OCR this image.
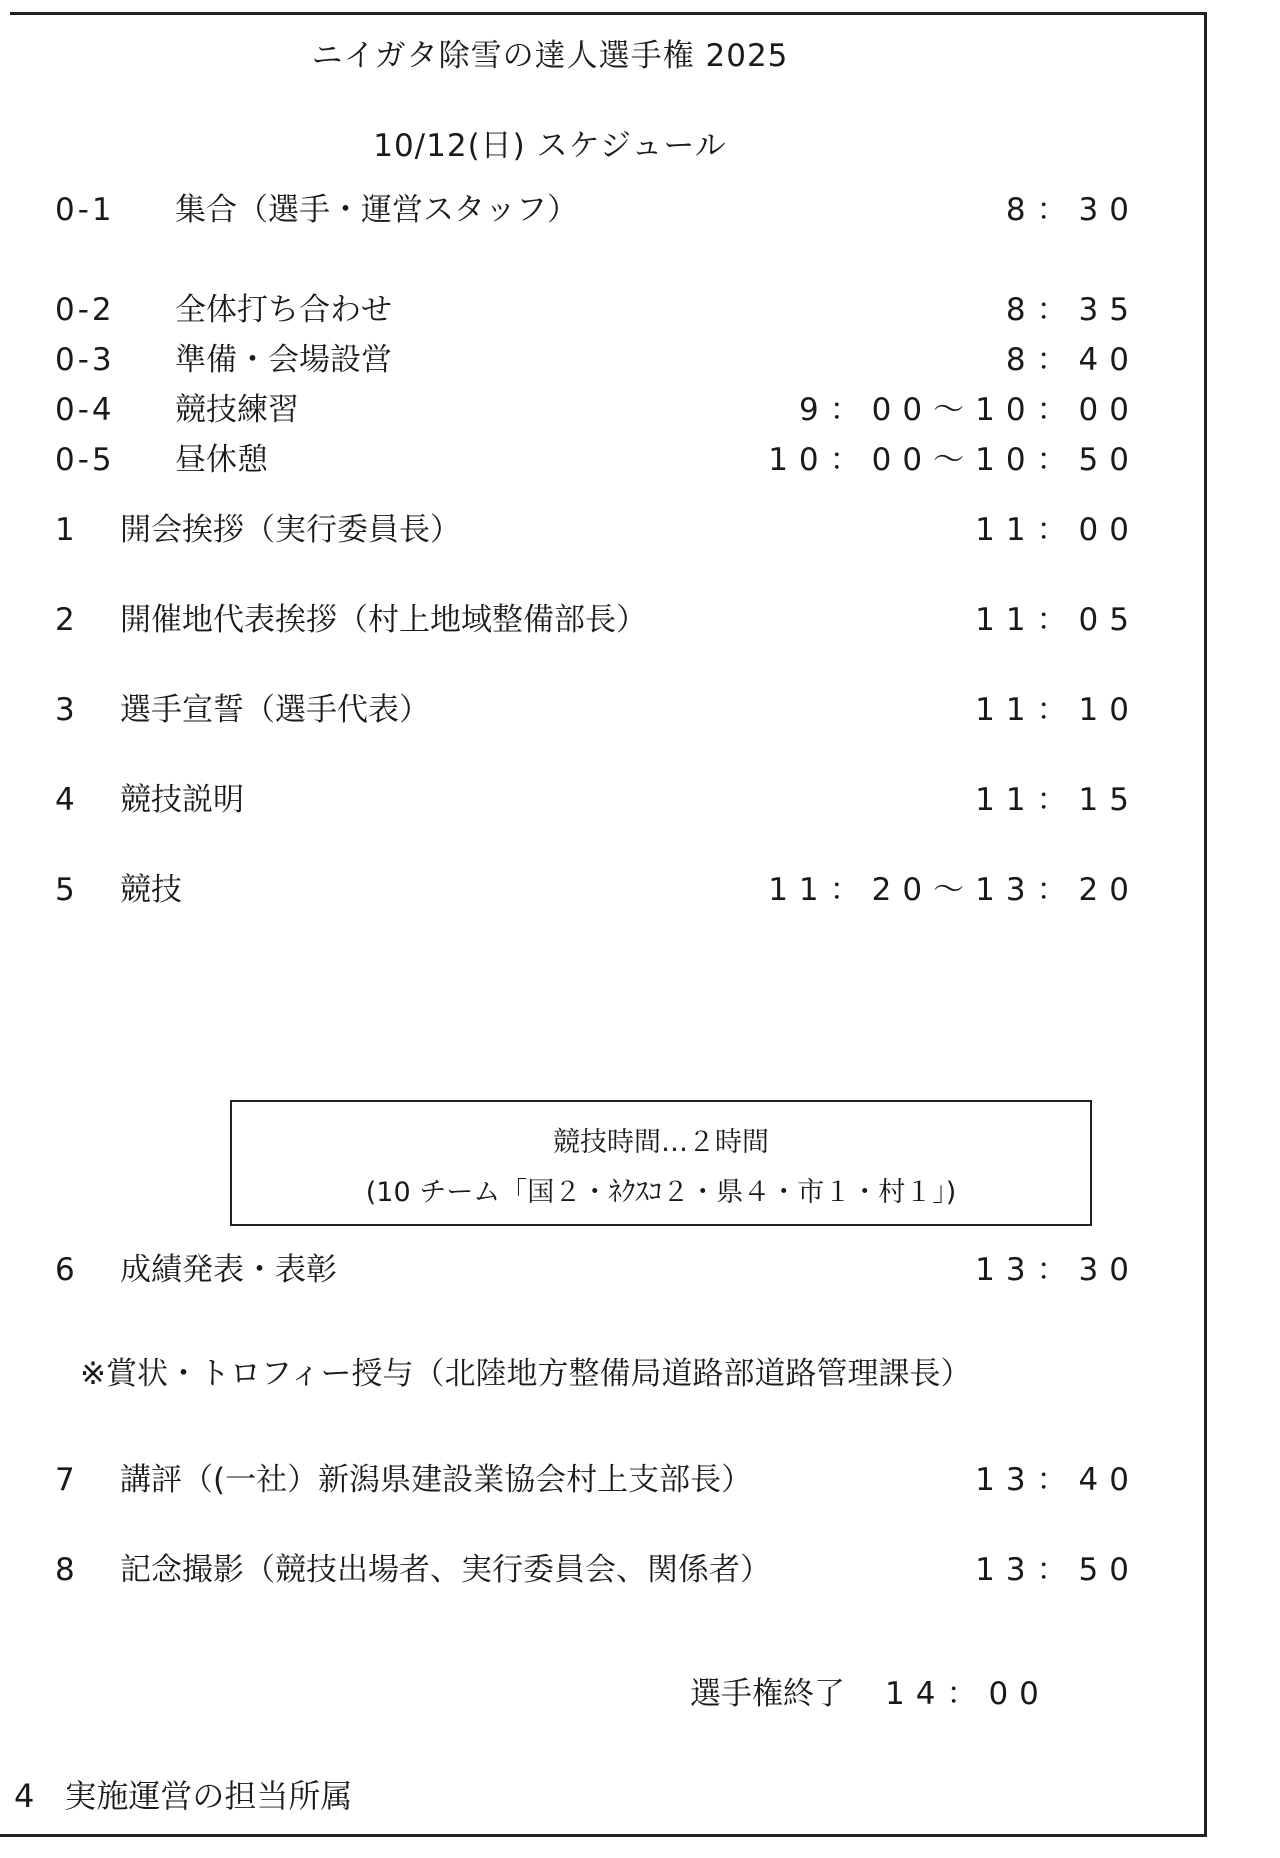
ニイガタ除雪の達人選手権 2025
10/12(日) スケジュール
0-1 集合（選手・運営スタッフ）	8：30
0-2 全体打ち合わせ	8：35
0-3 準備・会場設営	8：40
0-4 競技練習	9：00～10：00
0-5 昼休憩	10：00～10：50
1 開会挨拶（実行委員長）	11：00
2 開催地代表挨拶（村上地域整備部長）	11：05
3 選手宣誓（選手代表）	11：10
4 競技説明	11：15
5 競技	11：20～13：20
競技時間…２時間
(10 チーム「国２・ﾈｸｽｺ２・県４・市１・村１｣)
6 成績発表・表彰	13：30
※賞状・トロフィー授与（北陸地方整備局道路部道路管理課長）
7 講評（(一社）新潟県建設業協会村上支部長）	13：40
8 記念撮影（競技出場者、実行委員会、関係者）	13：50
選手権終了 14：00
4 実施運営の担当所属
